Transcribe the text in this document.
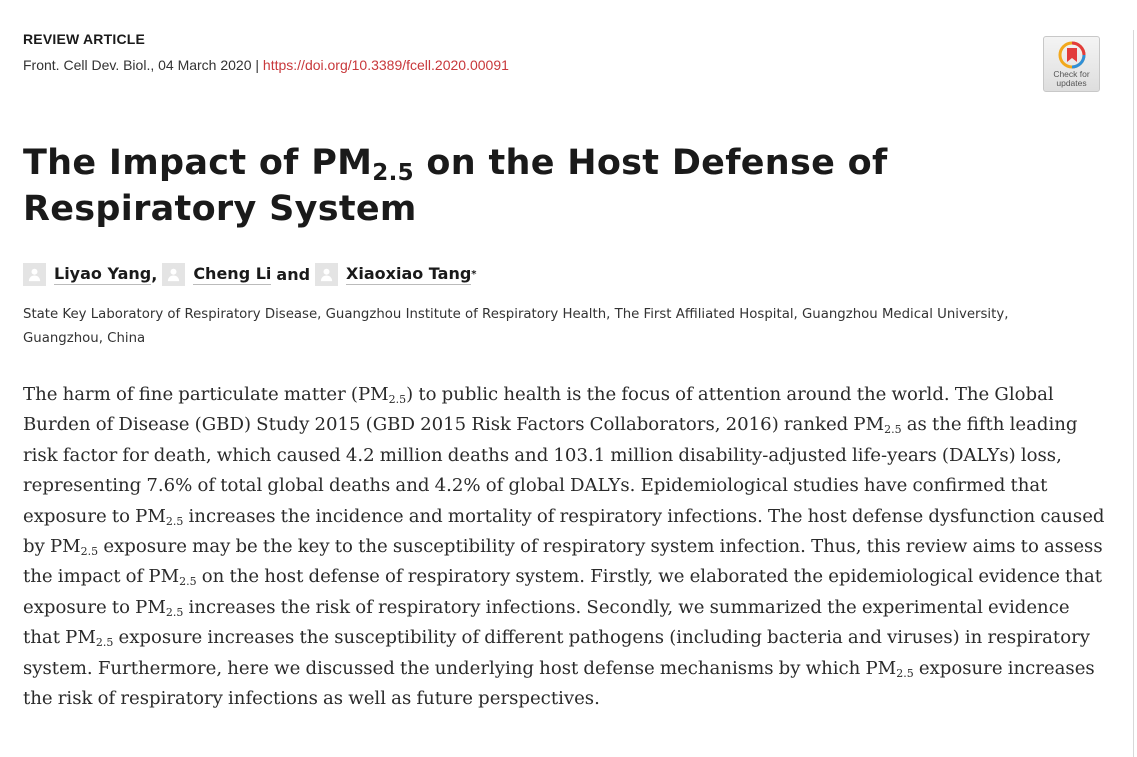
REVIEW ARTICLE
Front. Cell Dev. Biol., 04 March 2020 | https://doi.org/10.3389/fcell.2020.00091
Check for
updates
The Impact of $PM_{2.5}$ on the Host Defense of Respiratory System
Liyao Yang , Cheng Li and Xiaoxiao Tang *
State Key Laboratory of Respiratory Disease, Guangzhou Institute of Respiratory Health, The First Affiliated Hospital, Guangzhou Medical University, Guangzhou, China

The harm of fine particulate matter $(PM_{2.5})$ to public health is the focus of attention around the world. The Global Burden of Disease (GBD) Study 2015 (GBD 2015 Risk Factors Collaborators, 2016) ranked $PM_{2.5}$ as the fifth leading risk factor for death, which caused 4.2 million deaths and 103.1 million disability-adjusted life-years (DALYs) loss, representing 7.6% of total global deaths and 4.2% of global DALYs. Epidemiological studies have confirmed that exposure to $PM_{2.5}$ increases the incidence and mortality of respiratory infections. The host defense dysfunction caused by $PM_{2.5}$ exposure may be the key to the susceptibility of respiratory system infection. Thus, this review aims to assess the impact of $PM_{2.5}$ on the host defense of respiratory system. Firstly, we elaborated the epidemiological evidence that exposure to $PM_{2.5}$ increases the risk of respiratory infections. Secondly, we summarized the experimental evidence that $PM_{2.5}$ exposure increases the susceptibility of different pathogens (including bacteria and viruses) in respiratory system. Furthermore, here we discussed the underlying host defense mechanisms by which $PM_{2.5}$ exposure increases the risk of respiratory infections as well as future perspectives.
